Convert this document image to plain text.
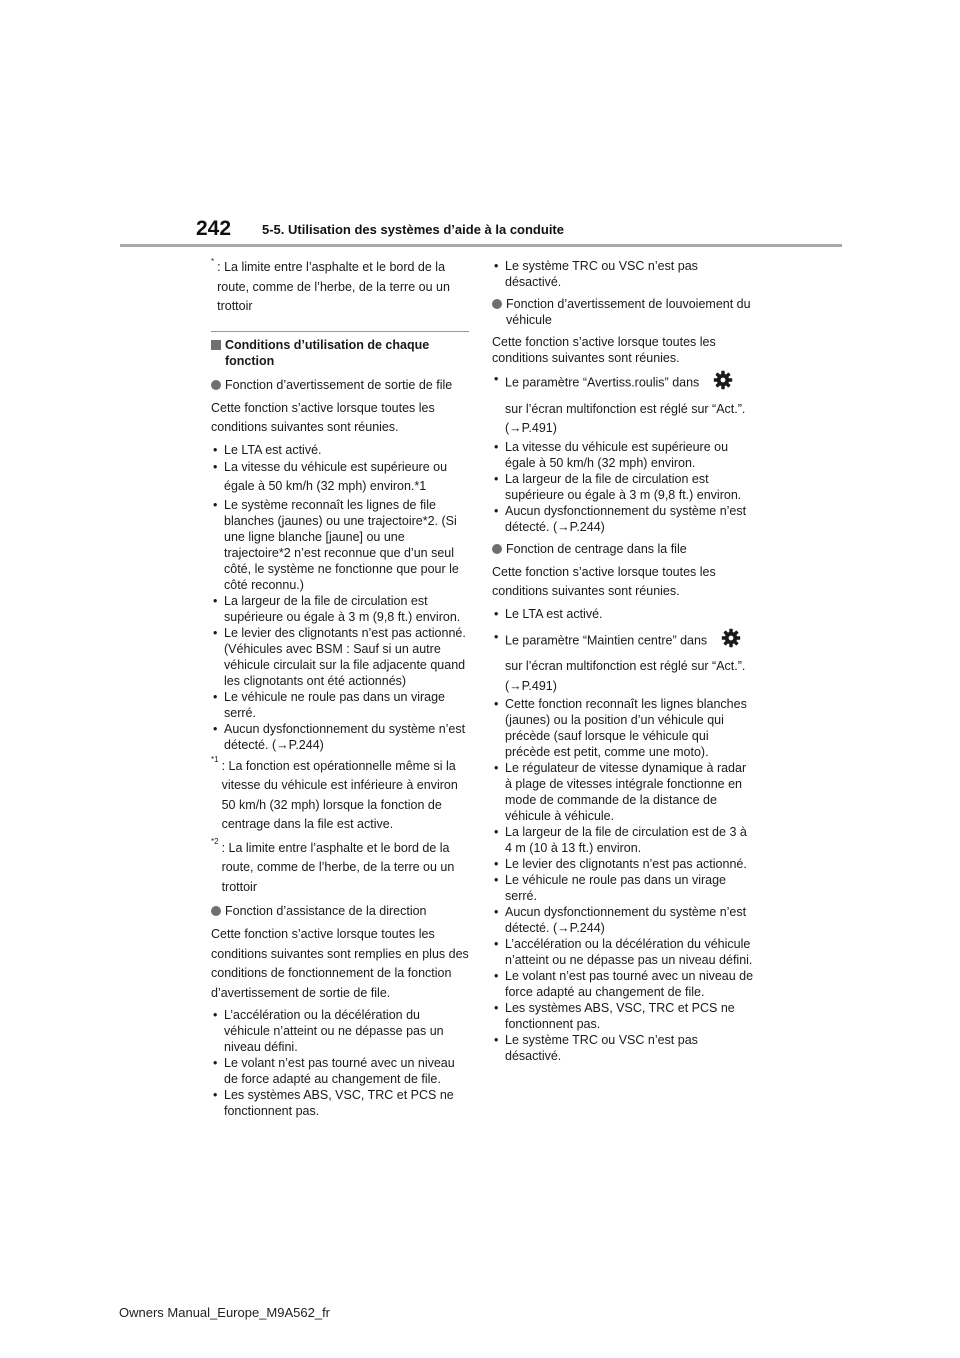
242 5-5. Utilisation des systèmes d’aide à la conduite
* : La limite entre l’asphalte et le bord de la route, comme de l’herbe, de la terre ou un trottoir
Conditions d’utilisation de chaque fonction
Fonction d’avertissement de sortie de file

Cette fonction s’active lorsque toutes les conditions suivantes sont réunies.

• Le LTA est activé.
• La vitesse du véhicule est supérieure ou égale à 50 km/h (32 mph) environ.*1
• Le système reconnaît les lignes de file blanches (jaunes) ou une trajectoire*2. (Si une ligne blanche [jaune] ou une trajectoire*2 n’est reconnue que d’un seul côté, le système ne fonctionne que pour le côté reconnu.)
• La largeur de la file de circulation est supérieure ou égale à 3 m (9,8 ft.) environ.
• Le levier des clignotants n’est pas actionné. (Véhicules avec BSM : Sauf si un autre véhicule circulait sur la file adjacente quand les clignotants ont été actionnés)
• Le véhicule ne roule pas dans un virage serré.
• Aucun dysfonctionnement du système n’est détecté. (→P.244)
$^{*1}$ : La fonction est opérationnelle même si la vitesse du véhicule est inférieure à environ 50 km/h (32 mph) lorsque la fonction de centrage dans la file est active.
$^{*2}$ : La limite entre l’asphalte et le bord de la route, comme de l’herbe, de la terre ou un trottoir
Fonction d’assistance de la direction

Cette fonction s’active lorsque toutes les conditions suivantes sont remplies en plus des conditions de fonctionnement de la fonction d’avertissement de sortie de file.

• L’accélération ou la décélération du véhicule n’atteint ou ne dépasse pas un niveau défini.
• Le volant n’est pas tourné avec un niveau de force adapté au changement de file.
• Les systèmes ABS, VSC, TRC et PCS ne fonctionnent pas.
• Le système TRC ou VSC n’est pas désactivé.
Fonction d’avertissement de louvoiement du véhicule

Cette fonction s’active lorsque toutes les conditions suivantes sont réunies.

• Le paramètre “Avertiss.roulis” dans
sur l’écran multifonction est réglé sur “Act.”. (→P.491)
• La vitesse du véhicule est supérieure ou égale à 50 km/h (32 mph) environ.
• La largeur de la file de circulation est supérieure ou égale à 3 m (9,8 ft.) environ.
• Aucun dysfonctionnement du système n’est détecté. (→P.244)
Fonction de centrage dans la file

Cette fonction s’active lorsque toutes les conditions suivantes sont réunies.

• Le LTA est activé.
• Le paramètre “Maintien centre” dans
sur l’écran multifonction est réglé sur “Act.”. (→P.491)
• Cette fonction reconnaît les lignes blanches (jaunes) ou la position d’un véhicule qui précède (sauf lorsque le véhicule qui précède est petit, comme une moto).
• Le régulateur de vitesse dynamique à radar à plage de vitesses intégrale fonctionne en mode de commande de la distance de véhicule à véhicule.
• La largeur de la file de circulation est de 3 à 4 m (10 à 13 ft.) environ.
• Le levier des clignotants n’est pas actionné.
• Le véhicule ne roule pas dans un virage serré.
• Aucun dysfonctionnement du système n’est détecté. (→P.244)
• L’accélération ou la décélération du véhicule n’atteint ou ne dépasse pas un niveau défini.
• Le volant n’est pas tourné avec un niveau de force adapté au changement de file.
• Les systèmes ABS, VSC, TRC et PCS ne fonctionnent pas.
• Le système TRC ou VSC n’est pas désactivé.
Owners Manual_Europe_M9A562_fr
